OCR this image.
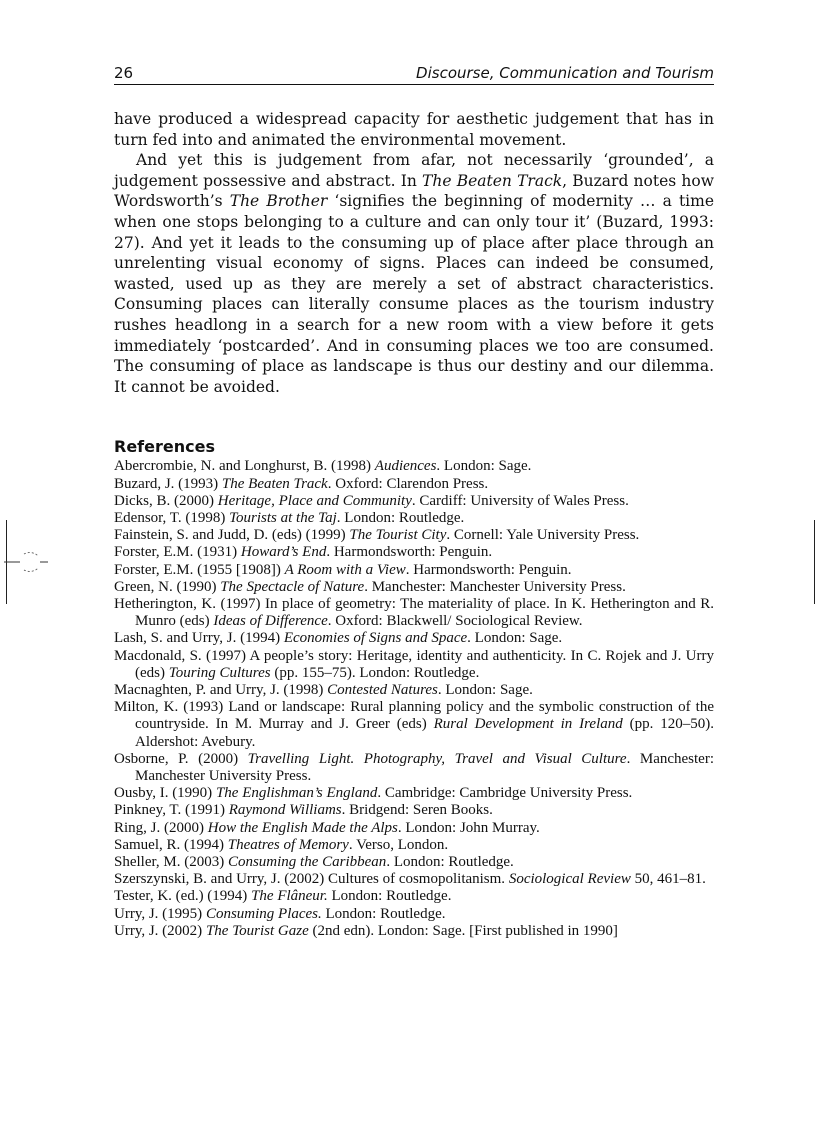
26	Discourse, Communication and Tourism

have produced a widespread capacity for aesthetic judgement that has in turn fed into and animated the environmental movement.

And yet this is judgement from afar, not necessarily ‘grounded’, a judgement possessive and abstract. In The Beaten Track, Buzard notes how Wordsworth’s The Brother ‘signifies the beginning of modernity … a time when one stops belonging to a culture and can only tour it’ (Buzard, 1993: 27). And yet it leads to the consuming up of place after place through an unrelenting visual economy of signs. Places can indeed be consumed, wasted, used up as they are merely a set of abstract characteristics. Consuming places can literally consume places as the tourism industry rushes headlong in a search for a new room with a view before it gets immediately ‘postcarded’. And in consuming places we too are consumed. The consuming of place as landscape is thus our destiny and our dilemma. It cannot be avoided.

References
Abercrombie, N. and Longhurst, B. (1998) Audiences. London: Sage.
Buzard, J. (1993) The Beaten Track. Oxford: Clarendon Press.
Dicks, B. (2000) Heritage, Place and Community. Cardiff: University of Wales Press.
Edensor, T. (1998) Tourists at the Taj. London: Routledge.
Fainstein, S. and Judd, D. (eds) (1999) The Tourist City. Cornell: Yale University Press.
Forster, E.M. (1931) Howard’s End. Harmondsworth: Penguin.
Forster, E.M. (1955 [1908]) A Room with a View. Harmondsworth: Penguin.
Green, N. (1990) The Spectacle of Nature. Manchester: Manchester University Press.
Hetherington, K. (1997) In place of geometry: The materiality of place. In K. Hetherington and R. Munro (eds) Ideas of Difference. Oxford: Blackwell/ Sociological Review.
Lash, S. and Urry, J. (1994) Economies of Signs and Space. London: Sage.
Macdonald, S. (1997) A people’s story: Heritage, identity and authenticity. In C. Rojek and J. Urry (eds) Touring Cultures (pp. 155–75). London: Routledge.
Macnaghten, P. and Urry, J. (1998) Contested Natures. London: Sage.
Milton, K. (1993) Land or landscape: Rural planning policy and the symbolic construction of the countryside. In M. Murray and J. Greer (eds) Rural Development in Ireland (pp. 120–50). Aldershot: Avebury.
Osborne, P. (2000) Travelling Light. Photography, Travel and Visual Culture. Manchester: Manchester University Press.
Ousby, I. (1990) The Englishman’s England. Cambridge: Cambridge University Press.
Pinkney, T. (1991) Raymond Williams. Bridgend: Seren Books.
Ring, J. (2000) How the English Made the Alps. London: John Murray.
Samuel, R. (1994) Theatres of Memory. Verso, London.
Sheller, M. (2003) Consuming the Caribbean. London: Routledge.
Szerszynski, B. and Urry, J. (2002) Cultures of cosmopolitanism. Sociological Review 50, 461–81.
Tester, K. (ed.) (1994) The Flâneur. London: Routledge.
Urry, J. (1995) Consuming Places. London: Routledge.
Urry, J. (2002) The Tourist Gaze (2nd edn). London: Sage. [First published in 1990]
